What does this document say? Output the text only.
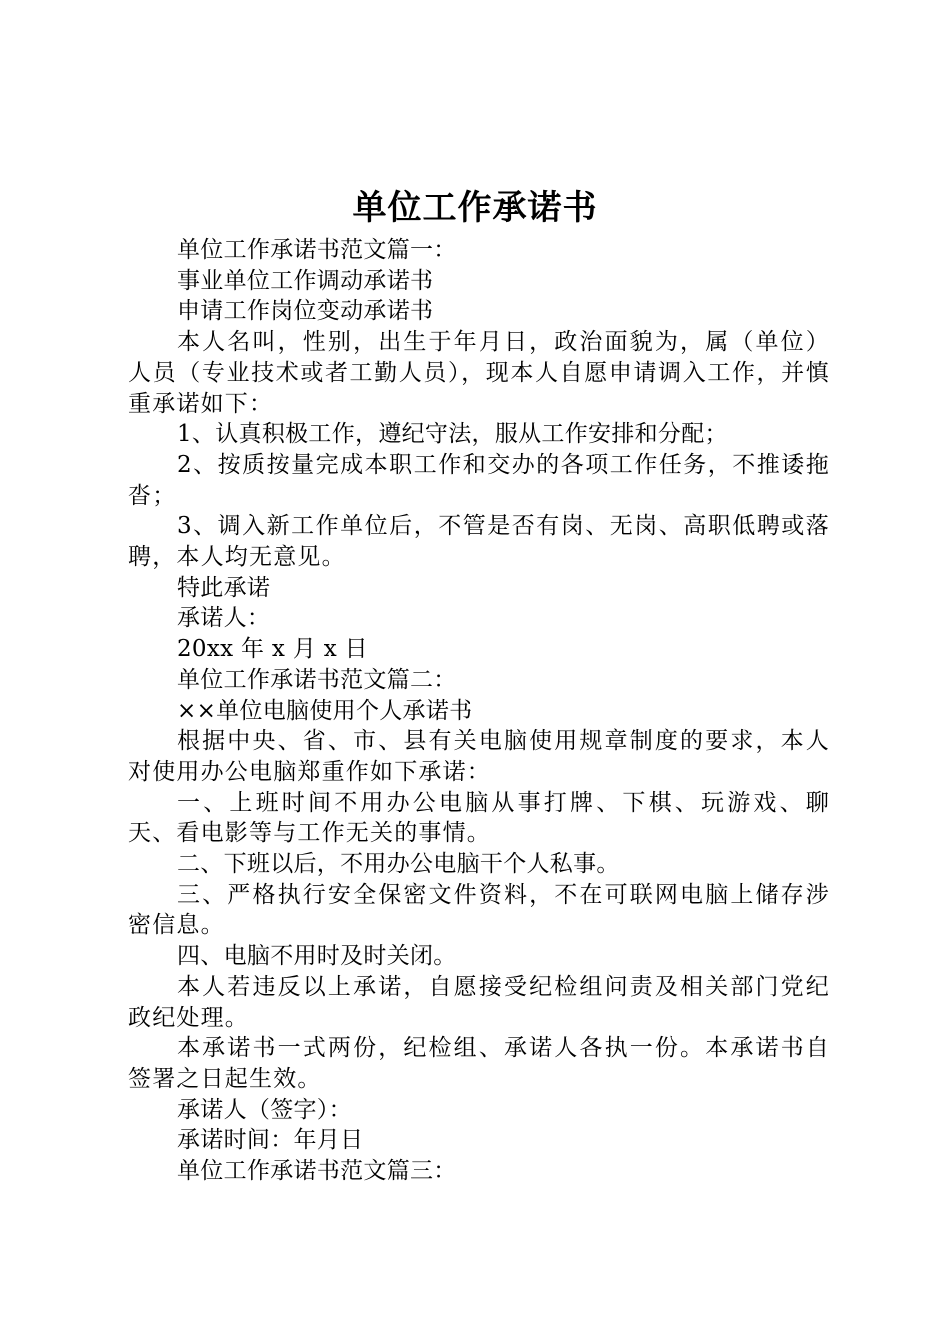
单位工作承诺书

单位工作承诺书范文篇一：

事业单位工作调动承诺书

申请工作岗位变动承诺书

本人名叫，性别，出生于年月日，政治面貌为，属（单位）人员（专业技术或者工勤人员），现本人自愿申请调入工作，并慎重承诺如下：

1、认真积极工作，遵纪守法，服从工作安排和分配；

2、按质按量完成本职工作和交办的各项工作任务，不推诿拖沓；

3、调入新工作单位后，不管是否有岗、无岗、高职低聘或落聘，本人均无意见。

特此承诺

承诺人：

20xx 年 x 月 x 日

单位工作承诺书范文篇二：

××单位电脑使用个人承诺书

根据中央、省、市、县有关电脑使用规章制度的要求，本人对使用办公电脑郑重作如下承诺：

一、上班时间不用办公电脑从事打牌、下棋、玩游戏、聊天、看电影等与工作无关的事情。

二、下班以后，不用办公电脑干个人私事。

三、严格执行安全保密文件资料，不在可联网电脑上储存涉密信息。

四、电脑不用时及时关闭。

本人若违反以上承诺，自愿接受纪检组问责及相关部门党纪政纪处理。

本承诺书一式两份，纪检组、承诺人各执一份。本承诺书自签署之日起生效。

承诺人（签字）：

承诺时间：年月日

单位工作承诺书范文篇三：
